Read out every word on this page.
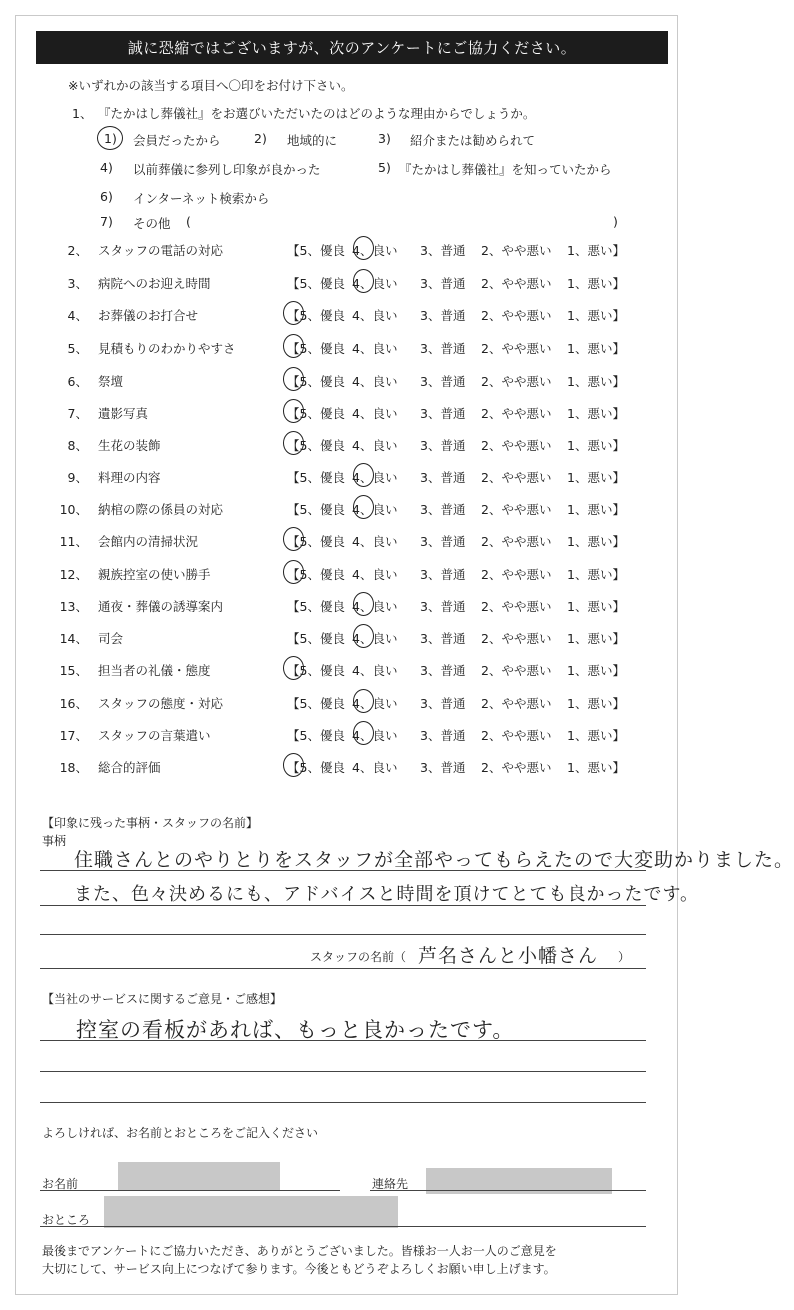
誠に恐縮ではございますが、次のアンケートにご協力ください。
※いずれかの該当する項目へ〇印をお付け下さい。
1、 『たかはし葬儀社』をお選びいただいたのはどのような理由からでしょうか。
1) 会員だったから	2) 地域的に	3) 紹介または勧められて
4) 以前葬儀に参列し印象が良かった	5) 『たかはし葬儀社』を知っていたから
6) インターネット検索から
7) その他 (	)
2、 スタッフの電話の対応	【5、優良 4、良い 3、普通 2、やや悪い 1、悪い】
3、 病院へのお迎え時間	【5、優良 4、良い 3、普通 2、やや悪い 1、悪い】
4、 お葬儀のお打合せ	【5、優良 4、良い 3、普通 2、やや悪い 1、悪い】
5、 見積もりのわかりやすさ	【5、優良 4、良い 3、普通 2、やや悪い 1、悪い】
6、 祭壇	【5、優良 4、良い 3、普通 2、やや悪い 1、悪い】
7、 遺影写真	【5、優良 4、良い 3、普通 2、やや悪い 1、悪い】
8、 生花の装飾	【5、優良 4、良い 3、普通 2、やや悪い 1、悪い】
9、 料理の内容	【5、優良 4、良い 3、普通 2、やや悪い 1、悪い】
10、 納棺の際の係員の対応	【5、優良 4、良い 3、普通 2、やや悪い 1、悪い】
11、 会館内の清掃状況	【5、優良 4、良い 3、普通 2、やや悪い 1、悪い】
12、 親族控室の使い勝手	【5、優良 4、良い 3、普通 2、やや悪い 1、悪い】
13、 通夜・葬儀の誘導案内	【5、優良 4、良い 3、普通 2、やや悪い 1、悪い】
14、 司会	【5、優良 4、良い 3、普通 2、やや悪い 1、悪い】
15、 担当者の礼儀・態度	【5、優良 4、良い 3、普通 2、やや悪い 1、悪い】
16、 スタッフの態度・対応	【5、優良 4、良い 3、普通 2、やや悪い 1、悪い】
17、 スタッフの言葉遣い	【5、優良 4、良い 3、普通 2、やや悪い 1、悪い】
18、 総合的評価	【5、優良 4、良い 3、普通 2、やや悪い 1、悪い】
【印象に残った事柄・スタッフの名前】
事柄
住職さんとのやりとりをスタッフが全部やってもらえたので大変助かりました。
また、色々決めるにも、アドバイスと時間を頂けてとても良かったです。
スタッフの名前（ 芦名さんと小幡さん ）
【当社のサービスに関するご意見・ご感想】
控室の看板があれば、もっと良かったです。
よろしければ、お名前とおところをご記入ください
お名前	連絡先
おところ
最後までアンケートにご協力いただき、ありがとうございました。皆様お一人お一人のご意見を
大切にして、サービス向上につなげて参ります。今後ともどうぞよろしくお願い申し上げます。
